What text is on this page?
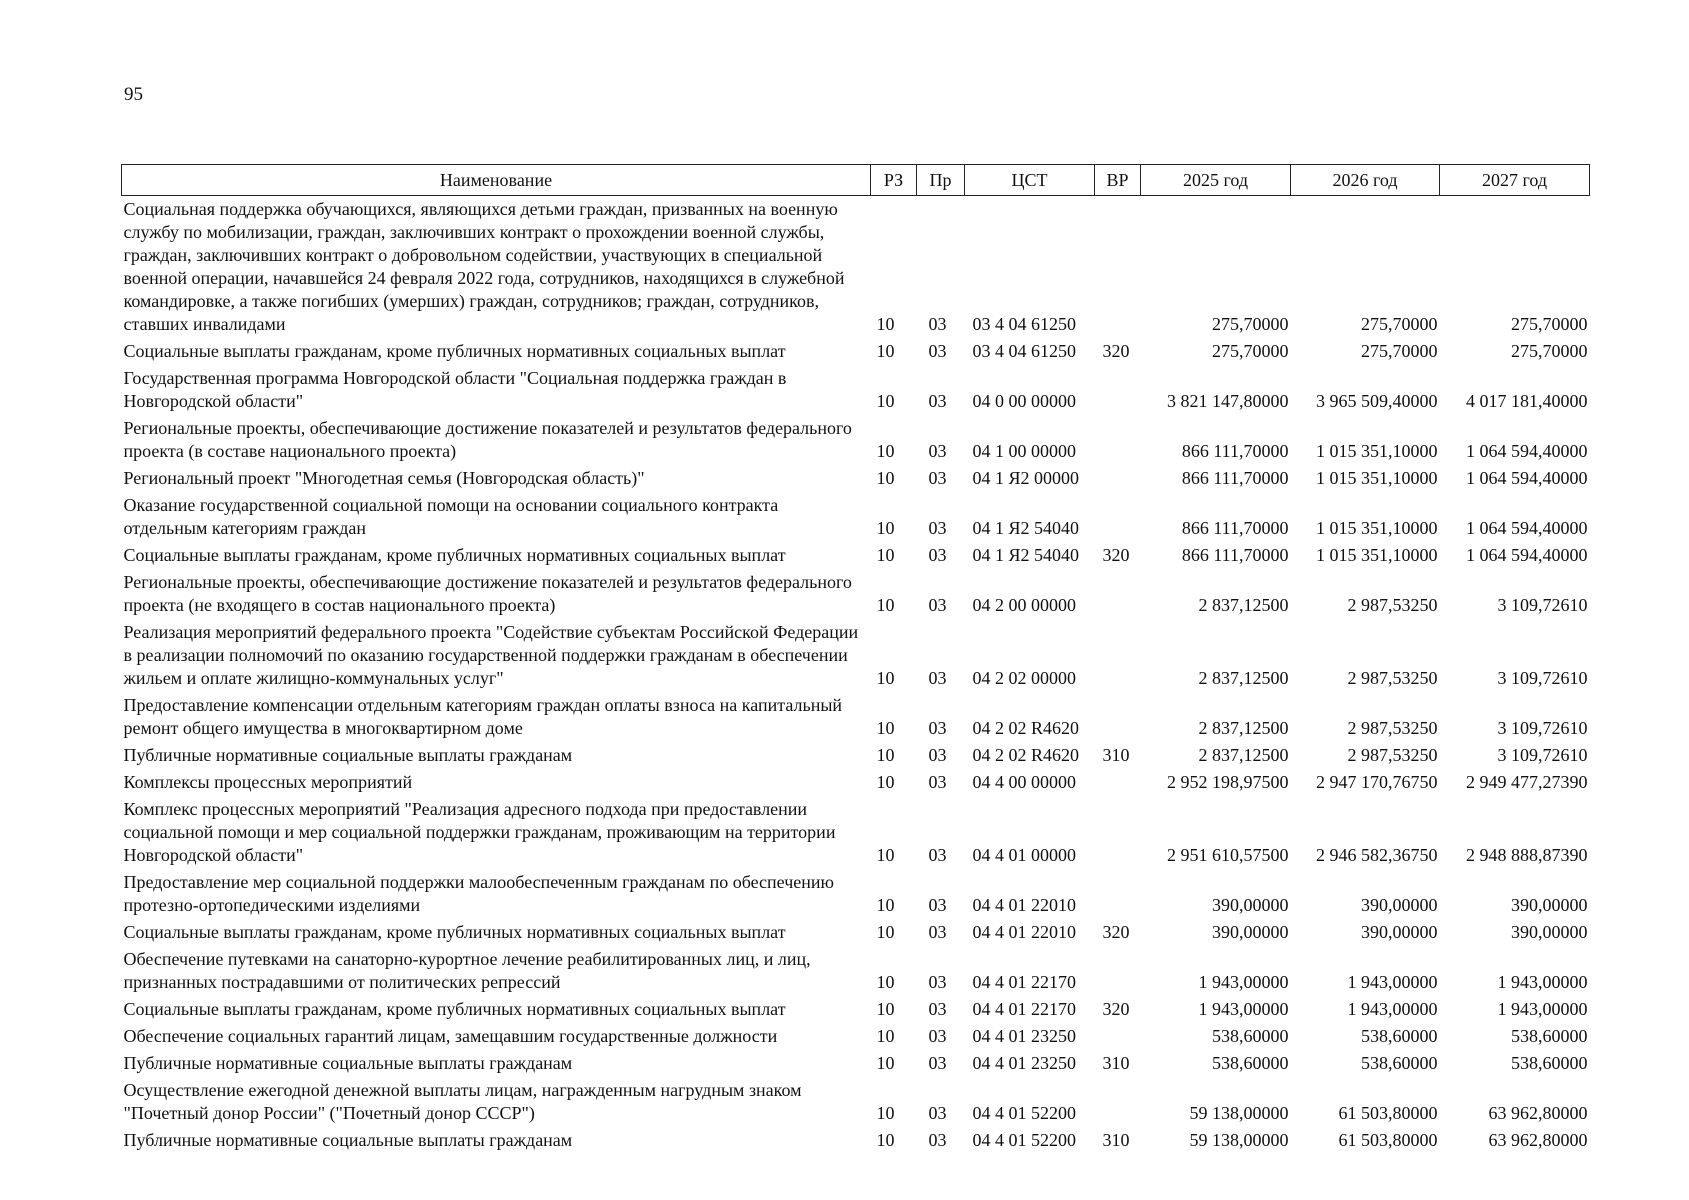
95
Наименование	РЗ	Пр	ЦСТ	ВР	2025 год	2026 год	2027 год
Социальная поддержка обучающихся, являющихся детьми граждан, призванных на военную службу по мобилизации, граждан, заключивших контракт о прохождении военной службы, граждан, заключивших контракт о добровольном содействии, участвующих в специальной военной операции, начавшейся 24 февраля 2022 года, сотрудников, находящихся в служебной командировке, а также погибших (умерших) граждан, сотрудников; граждан, сотрудников, ставших инвалидами	10	03	03 4 04 61250		275,70000	275,70000	275,70000
Социальные выплаты гражданам, кроме публичных нормативных социальных выплат	10	03	03 4 04 61250	320	275,70000	275,70000	275,70000
Государственная программа Новгородской области "Социальная поддержка граждан в Новгородской области"	10	03	04 0 00 00000		3 821 147,80000	3 965 509,40000	4 017 181,40000
Региональные проекты, обеспечивающие достижение показателей и результатов федерального проекта (в составе национального проекта)	10	03	04 1 00 00000		866 111,70000	1 015 351,10000	1 064 594,40000
Региональный проект "Многодетная семья (Новгородская область)"	10	03	04 1 Я2 00000		866 111,70000	1 015 351,10000	1 064 594,40000
Оказание государственной социальной помощи на основании социального контракта отдельным категориям граждан	10	03	04 1 Я2 54040		866 111,70000	1 015 351,10000	1 064 594,40000
Социальные выплаты гражданам, кроме публичных нормативных социальных выплат	10	03	04 1 Я2 54040	320	866 111,70000	1 015 351,10000	1 064 594,40000
Региональные проекты, обеспечивающие достижение показателей и результатов федерального проекта (не входящего в состав национального проекта)	10	03	04 2 00 00000		2 837,12500	2 987,53250	3 109,72610
Реализация мероприятий федерального проекта "Содействие субъектам Российской Федерации в реализации полномочий по оказанию государственной поддержки гражданам в обеспечении жильем и оплате жилищно-коммунальных услуг"	10	03	04 2 02 00000		2 837,12500	2 987,53250	3 109,72610
Предоставление компенсации отдельным категориям граждан оплаты взноса на капитальный ремонт общего имущества в многоквартирном доме	10	03	04 2 02 R4620		2 837,12500	2 987,53250	3 109,72610
Публичные нормативные социальные выплаты гражданам	10	03	04 2 02 R4620	310	2 837,12500	2 987,53250	3 109,72610
Комплексы процессных мероприятий	10	03	04 4 00 00000		2 952 198,97500	2 947 170,76750	2 949 477,27390
Комплекс процессных мероприятий "Реализация адресного подхода при предоставлении социальной помощи и мер социальной поддержки гражданам, проживающим на территории Новгородской области"	10	03	04 4 01 00000		2 951 610,57500	2 946 582,36750	2 948 888,87390
Предоставление мер социальной поддержки малообеспеченным гражданам по обеспечению протезно-ортопедическими изделиями	10	03	04 4 01 22010		390,00000	390,00000	390,00000
Социальные выплаты гражданам, кроме публичных нормативных социальных выплат	10	03	04 4 01 22010	320	390,00000	390,00000	390,00000
Обеспечение путевками на санаторно-курортное лечение реабилитированных лиц, и лиц, признанных пострадавшими от политических репрессий	10	03	04 4 01 22170		1 943,00000	1 943,00000	1 943,00000
Социальные выплаты гражданам, кроме публичных нормативных социальных выплат	10	03	04 4 01 22170	320	1 943,00000	1 943,00000	1 943,00000
Обеспечение социальных гарантий лицам, замещавшим государственные должности	10	03	04 4 01 23250		538,60000	538,60000	538,60000
Публичные нормативные социальные выплаты гражданам	10	03	04 4 01 23250	310	538,60000	538,60000	538,60000
Осуществление ежегодной денежной выплаты лицам, награжденным нагрудным знаком "Почетный донор России" ("Почетный донор СССР")	10	03	04 4 01 52200		59 138,00000	61 503,80000	63 962,80000
Публичные нормативные социальные выплаты гражданам	10	03	04 4 01 52200	310	59 138,00000	61 503,80000	63 962,80000
